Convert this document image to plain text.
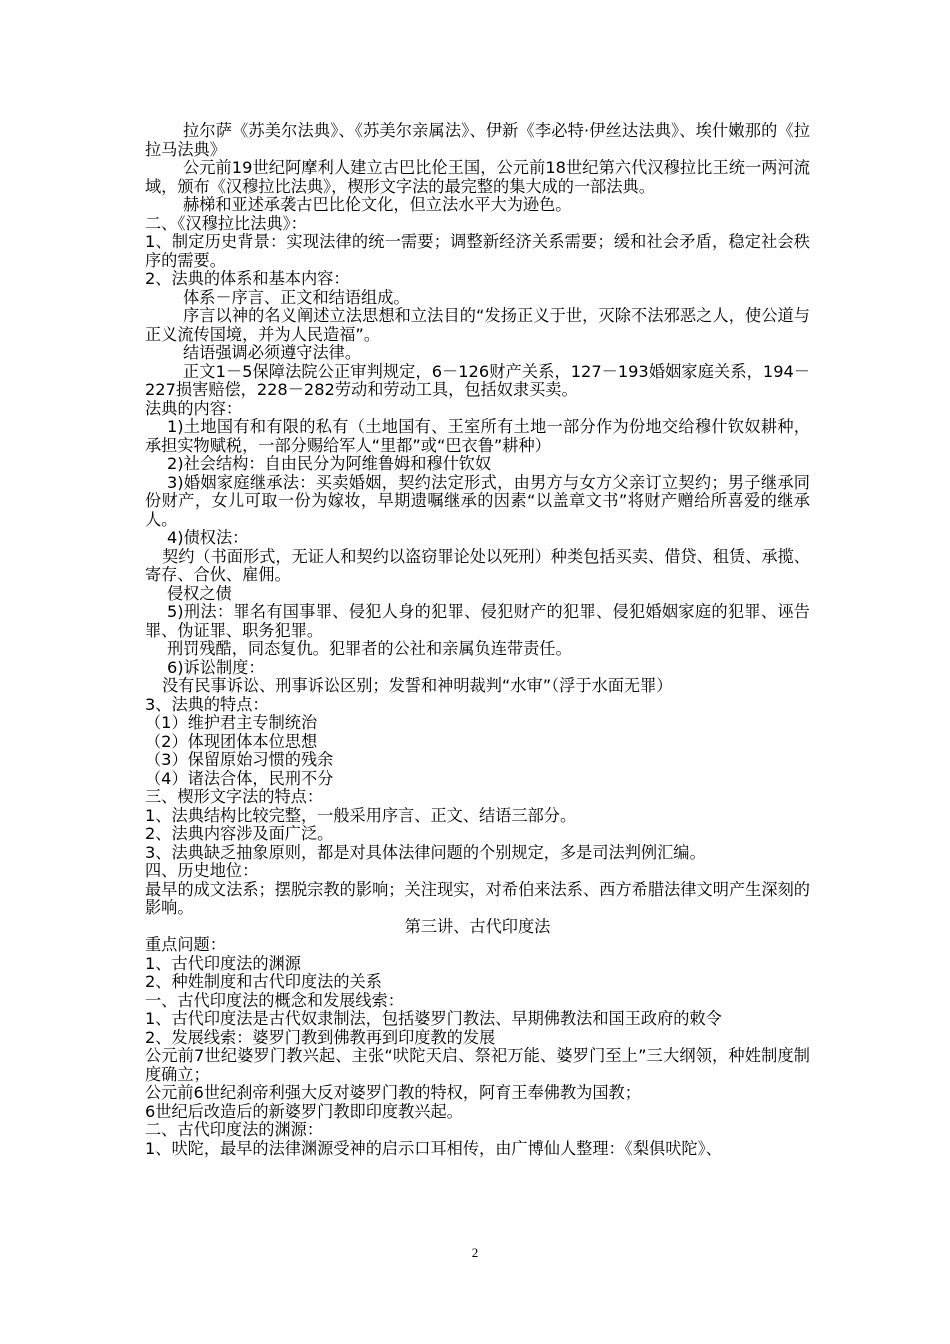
拉尔萨《苏美尔法典》、《苏美尔亲属法》、伊新《李必特·伊丝达法典》、埃什嫩那的《拉拉马法典》

公元前19世纪阿摩利人建立古巴比伦王国，公元前18世纪第六代汉穆拉比王统一两河流域，颁布《汉穆拉比法典》，楔形文字法的最完整的集大成的一部法典。

赫梯和亚述承袭古巴比伦文化，但立法水平大为逊色。

二、《汉穆拉比法典》：

1、制定历史背景：实现法律的统一需要；调整新经济关系需要；缓和社会矛盾，稳定社会秩序的需要。

2、法典的体系和基本内容：

体系－序言、正文和结语组成。

序言以神的名义阐述立法思想和立法目的“发扬正义于世，灭除不法邪恶之人，使公道与正义流传国境，并为人民造福”。

结语强调必须遵守法律。

正文1－5保障法院公正审判规定，6－126财产关系，127－193婚姻家庭关系，194－227损害赔偿，228－282劳动和劳动工具，包括奴隶买卖。

法典的内容：

1)土地国有和有限的私有（土地国有、王室所有土地一部分作为份地交给穆什钦奴耕种，承担实物赋税，一部分赐给军人“里都”或“巴衣鲁”耕种）

2)社会结构：自由民分为阿维鲁姆和穆什钦奴

3)婚姻家庭继承法：买卖婚姻，契约法定形式，由男方与女方父亲订立契约；男子继承同份财产，女儿可取一份为嫁妆，早期遗嘱继承的因素“以盖章文书”将财产赠给所喜爱的继承人。

4)债权法：

契约（书面形式，无证人和契约以盗窃罪论处以死刑）种类包括买卖、借贷、租赁、承揽、寄存、合伙、雇佣。

侵权之债

5)刑法：罪名有国事罪、侵犯人身的犯罪、侵犯财产的犯罪、侵犯婚姻家庭的犯罪、诬告罪、伪证罪、职务犯罪。

刑罚残酷，同态复仇。犯罪者的公社和亲属负连带责任。

6)诉讼制度：

没有民事诉讼、刑事诉讼区别；发誓和神明裁判“水审”（浮于水面无罪）

3、法典的特点：

（1）维护君主专制统治

（2）体现团体本位思想

（3）保留原始习惯的残余

（4）诸法合体，民刑不分

三、楔形文字法的特点：

1、法典结构比较完整，一般采用序言、正文、结语三部分。

2、法典内容涉及面广泛。

3、法典缺乏抽象原则，都是对具体法律问题的个别规定，多是司法判例汇编。

四、历史地位：

最早的成文法系；摆脱宗教的影响；关注现实，对希伯来法系、西方希腊法律文明产生深刻的影响。

第三讲、古代印度法

重点问题：

1、古代印度法的渊源

2、种姓制度和古代印度法的关系

一、古代印度法的概念和发展线索：

1、古代印度法是古代奴隶制法，包括婆罗门教法、早期佛教法和国王政府的敕令

2、发展线索：婆罗门教到佛教再到印度教的发展

公元前7世纪婆罗门教兴起、主张“吠陀天启、祭祀万能、婆罗门至上”三大纲领，种姓制度制度确立；

公元前6世纪刹帝利强大反对婆罗门教的特权，阿育王奉佛教为国教；

6世纪后改造后的新婆罗门教即印度教兴起。

二、古代印度法的渊源：

1、吠陀，最早的法律渊源受神的启示口耳相传，由广博仙人整理：《梨俱吠陀》、

2
